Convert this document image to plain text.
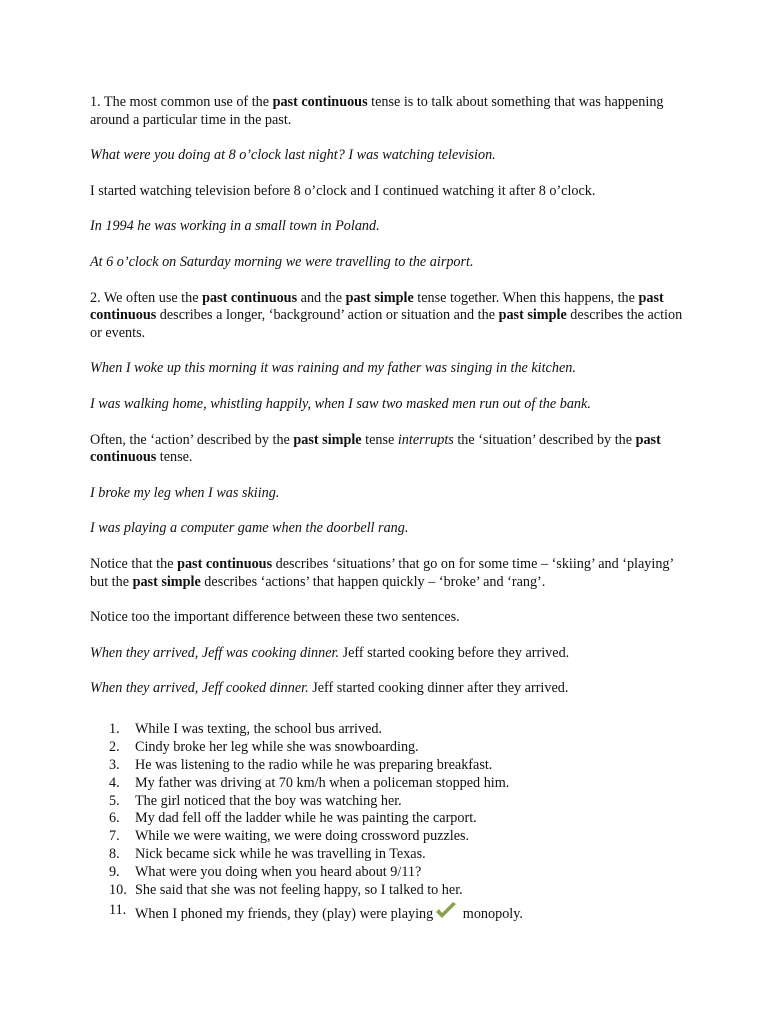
1. The most common use of the past continuous tense is to talk about something that was happening around a particular time in the past.

What were you doing at 8 o’clock last night? I was watching television.

I started watching television before 8 o’clock and I continued watching it after 8 o’clock.

In 1994 he was working in a small town in Poland.

At 6 o’clock on Saturday morning we were travelling to the airport.

2. We often use the past continuous and the past simple tense together. When this happens, the past continuous describes a longer, ‘background’ action or situation and the past simple describes the action or events.

When I woke up this morning it was raining and my father was singing in the kitchen.

I was walking home, whistling happily, when I saw two masked men run out of the bank.

Often, the ‘action’ described by the past simple tense interrupts the ‘situation’ described by the past continuous tense.

I broke my leg when I was skiing.

I was playing a computer game when the doorbell rang.

Notice that the past continuous describes ‘situations’ that go on for some time – ‘skiing’ and ‘playing’ but the past simple describes ‘actions’ that happen quickly – ‘broke’ and ‘rang’.

Notice too the important difference between these two sentences.

When they arrived, Jeff was cooking dinner. Jeff started cooking before they arrived.

When they arrived, Jeff cooked dinner. Jeff started cooking dinner after they arrived.

1. While I was texting, the school bus arrived.
2. Cindy broke her leg while she was snowboarding.
3. He was listening to the radio while he was preparing breakfast.
4. My father was driving at 70 km/h when a policeman stopped him.
5. The girl noticed that the boy was watching her.
6. My dad fell off the ladder while he was painting the carport.
7. While we were waiting, we were doing crossword puzzles.
8. Nick became sick while he was travelling in Texas.
9. What were you doing when you heard about 9/11?
10. She said that she was not feeling happy, so I talked to her.
11. When I phoned my friends, they (play) were playing monopoly.
